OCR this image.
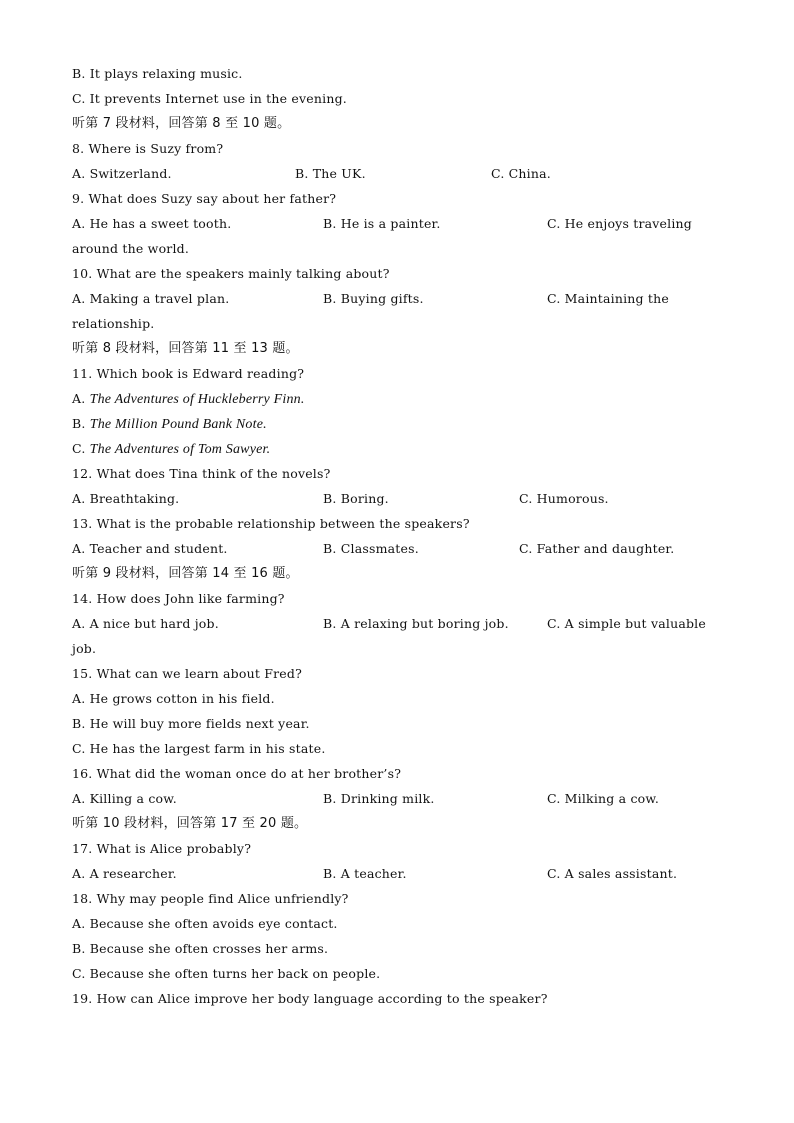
B. It plays relaxing music.
C. It prevents Internet use in the evening.
听第 7 段材料，回答第 8 至 10 题。
8. Where is Suzy from?
A. Switzerland.	B. The UK.	C. China.
9. What does Suzy say about her father?
A. He has a sweet tooth.	B. He is a painter.	C. He enjoys traveling
around the world.
10. What are the speakers mainly talking about?
A. Making a travel plan.	B. Buying gifts.	C. Maintaining the
relationship.
听第 8 段材料，回答第 11 至 13 题。
11. Which book is Edward reading?
A. The Adventures of Huckleberry Finn.
B. The Million Pound Bank Note.
C. The Adventures of Tom Sawyer.
12. What does Tina think of the novels?
A. Breathtaking.	B. Boring.	C. Humorous.
13. What is the probable relationship between the speakers?
A. Teacher and student.	B. Classmates.	C. Father and daughter.
听第 9 段材料，回答第 14 至 16 题。
14. How does John like farming?
A. A nice but hard job.	B. A relaxing but boring job.	C. A simple but valuable
job.
15. What can we learn about Fred?
A. He grows cotton in his field.
B. He will buy more fields next year.
C. He has the largest farm in his state.
16. What did the woman once do at her brother’s?
A. Killing a cow.	B. Drinking milk.	C. Milking a cow.
听第 10 段材料，回答第 17 至 20 题。
17. What is Alice probably?
A. A researcher.	B. A teacher.	C. A sales assistant.
18. Why may people find Alice unfriendly?
A. Because she often avoids eye contact.
B. Because she often crosses her arms.
C. Because she often turns her back on people.
19. How can Alice improve her body language according to the speaker?
